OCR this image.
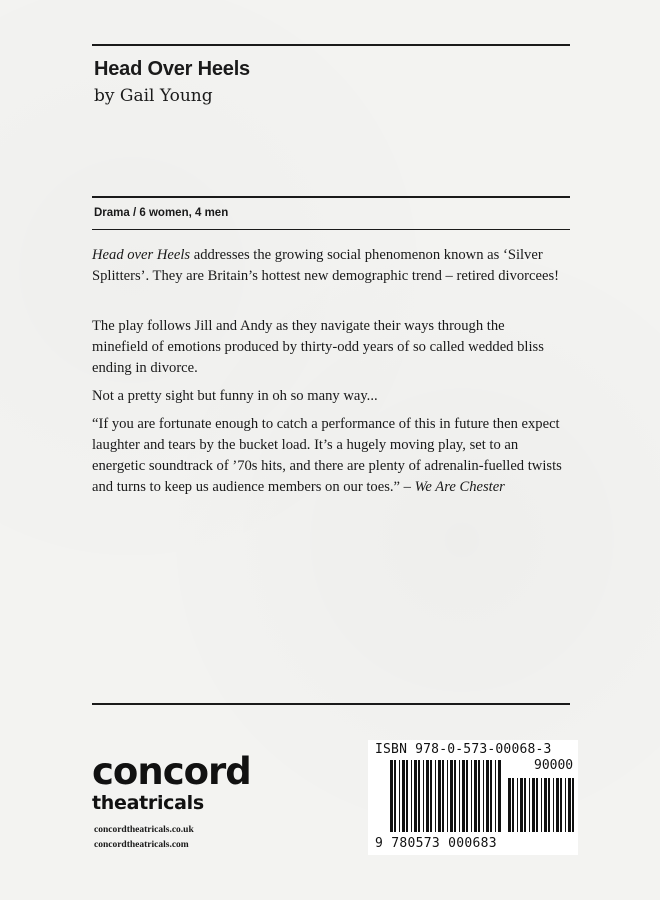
Head Over Heels
by Gail Young
Drama / 6 women, 4 men

Head over Heels addresses the growing social phenomenon known as ‘Silver Splitters’. They are Britain’s hottest new demographic trend – retired divorcees!

The play follows Jill and Andy as they navigate their ways through the minefield of emotions produced by thirty-odd years of so called wedded bliss ending in divorce.

Not a pretty sight but funny in oh so many way...

“If you are fortunate enough to catch a performance of this in future then expect laughter and tears by the bucket load. It’s a hugely moving play, set to an energetic soundtrack of ’70s hits, and there are plenty of adrenalin-fuelled twists and turns to keep us audience members on our toes.” – We Are Chester

concord
theatricals
concordtheatricals.co.uk
concordtheatricals.com
ISBN 978-0-573-00068-3
90000
9 780573 000683
